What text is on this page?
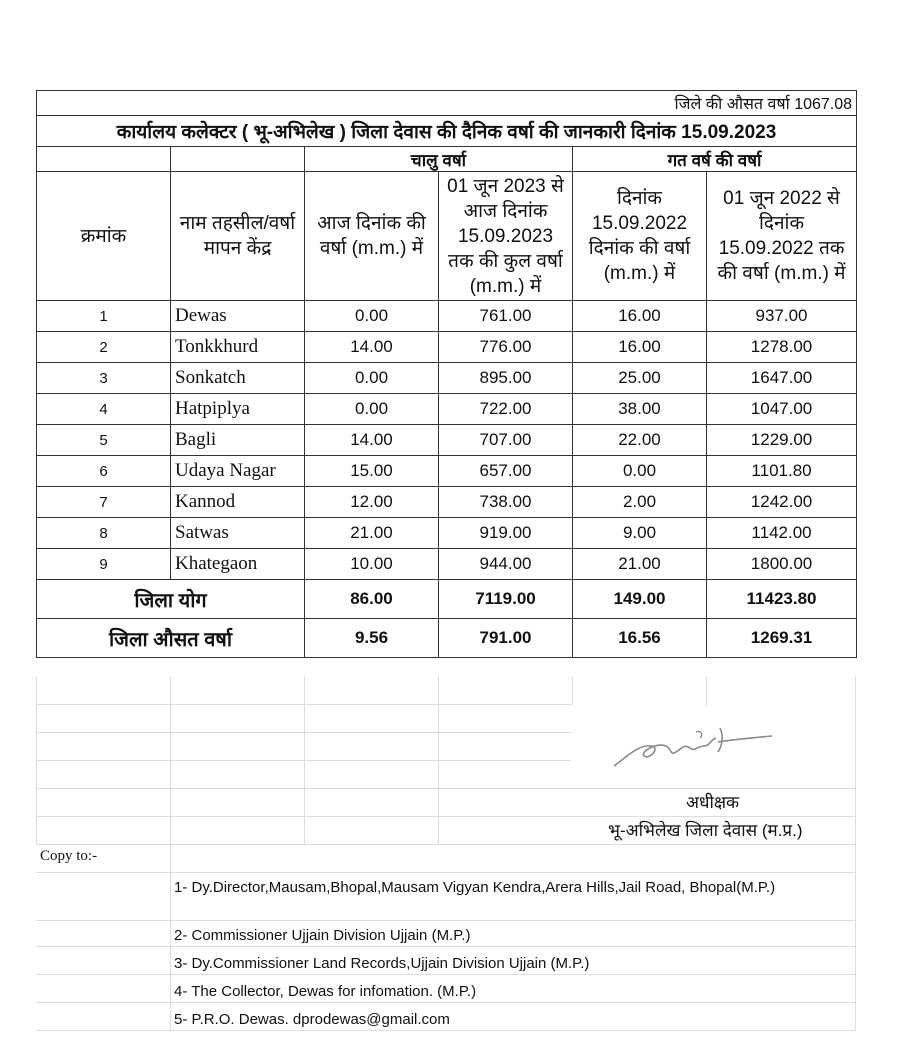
जिले की औसत वर्षा 1067.08					
कार्यालय कलेक्टर ( भू-अभिलेख ) जिला देवास की दैनिक वर्षा की जानकारी दिनांक 15.09.2023					
		चालु वर्षा		गत वर्ष की वर्षा	
क्रमांक	नाम तहसील/वर्षा मापन केंद्र	आज दिनांक की वर्षा (m.m.) में	01 जून 2023 से आज दिनांक 15.09.2023 तक की कुल वर्षा (m.m.) में	दिनांक 15.09.2022 दिनांक की वर्षा (m.m.) में	01 जून 2022 से दिनांक 15.09.2022 तक की वर्षा (m.m.) में
1	Dewas	0.00	761.00	16.00	937.00
2	Tonkkhurd	14.00	776.00	16.00	1278.00
3	Sonkatch	0.00	895.00	25.00	1647.00
4	Hatpiplya	0.00	722.00	38.00	1047.00
5	Bagli	14.00	707.00	22.00	1229.00
6	Udaya Nagar	15.00	657.00	0.00	1101.80
7	Kannod	12.00	738.00	2.00	1242.00
8	Satwas	21.00	919.00	9.00	1142.00
9	Khategaon	10.00	944.00	21.00	1800.00
जिला योग		86.00	7119.00	149.00	11423.80
जिला औसत वर्षा		9.56	791.00	16.56	1269.31
अधीक्षक
भू-अभिलेख जिला देवास (म.प्र.)
Copy to:-
1- Dy.Director,Mausam,Bhopal,Mausam Vigyan Kendra,Arera Hills,Jail Road, Bhopal(M.P.)
2- Commissioner Ujjain Division Ujjain (M.P.)
3- Dy.Commissioner Land Records,Ujjain Division Ujjain (M.P.)
4- The Collector, Dewas for infomation. (M.P.)
5- P.R.O. Dewas. dprodewas@gmail.com
